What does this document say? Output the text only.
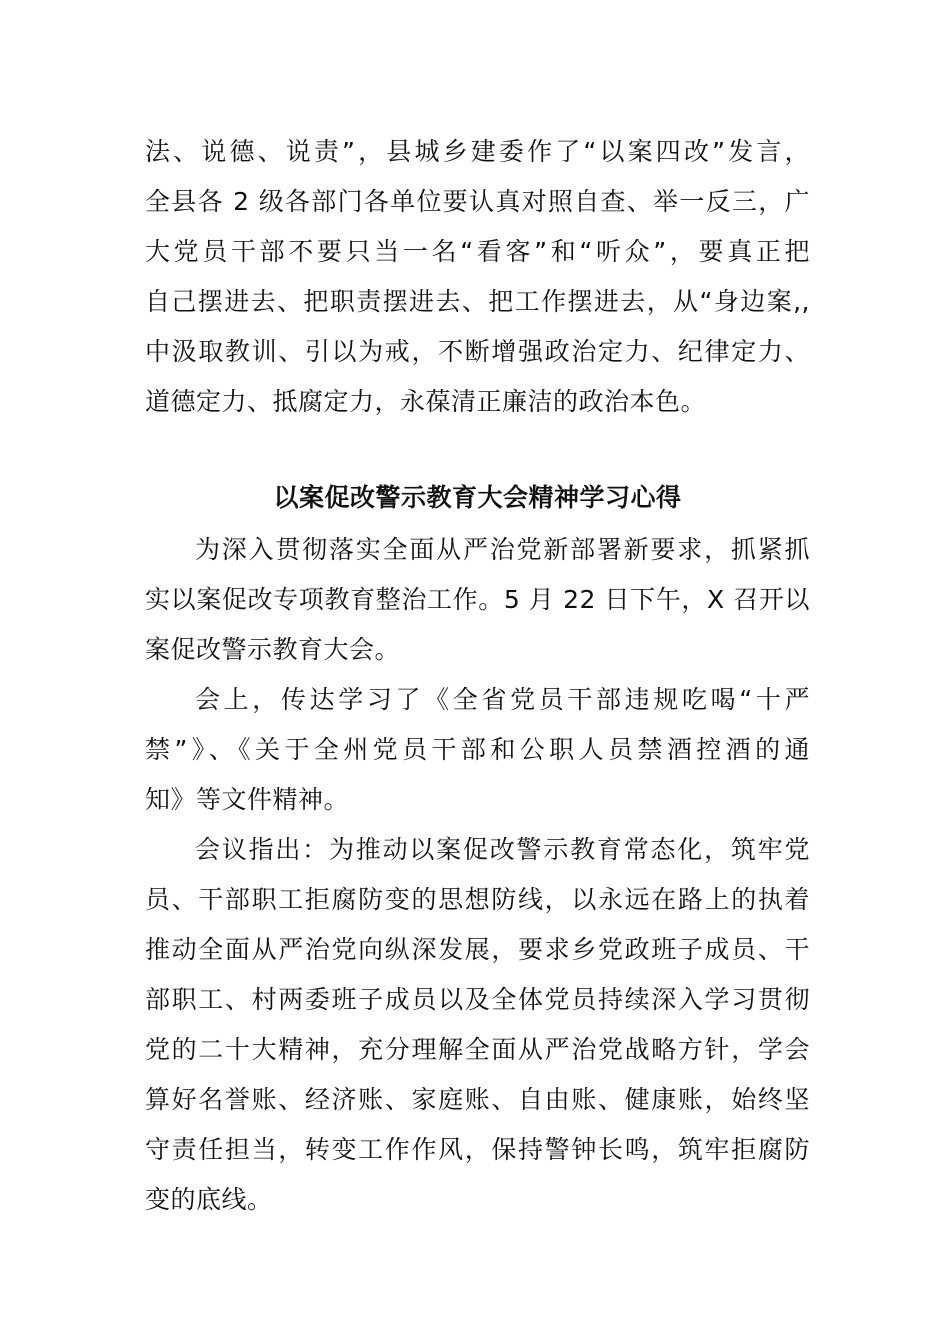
法、说德、说责”，县城乡建委作了“以案四改”发言，
全县各 2 级各部门各单位要认真对照自查、举一反三，广
大党员干部不要只当一名“看客”和“听众”，要真正把
自己摆进去、把职责摆进去、把工作摆进去，从“身边案,,
中汲取教训、引以为戒，不断增强政治定力、纪律定力、
道德定力、抵腐定力，永葆清正廉洁的政治本色。
以案促改警示教育大会精神学习心得
为深入贯彻落实全面从严治党新部署新要求，抓紧抓
实以案促改专项教育整治工作。5 月 22 日下午，X 召开以
案促改警示教育大会。
会上，传达学习了《全省党员干部违规吃喝“十严
禁”》、《关于全州党员干部和公职人员禁酒控酒的通
知》等文件精神。
会议指出：为推动以案促改警示教育常态化，筑牢党
员、干部职工拒腐防变的思想防线，以永远在路上的执着
推动全面从严治党向纵深发展，要求乡党政班子成员、干
部职工、村两委班子成员以及全体党员持续深入学习贯彻
党的二十大精神，充分理解全面从严治党战略方针，学会
算好名誉账、经济账、家庭账、自由账、健康账，始终坚
守责任担当，转变工作作风，保持警钟长鸣，筑牢拒腐防
变的底线。
